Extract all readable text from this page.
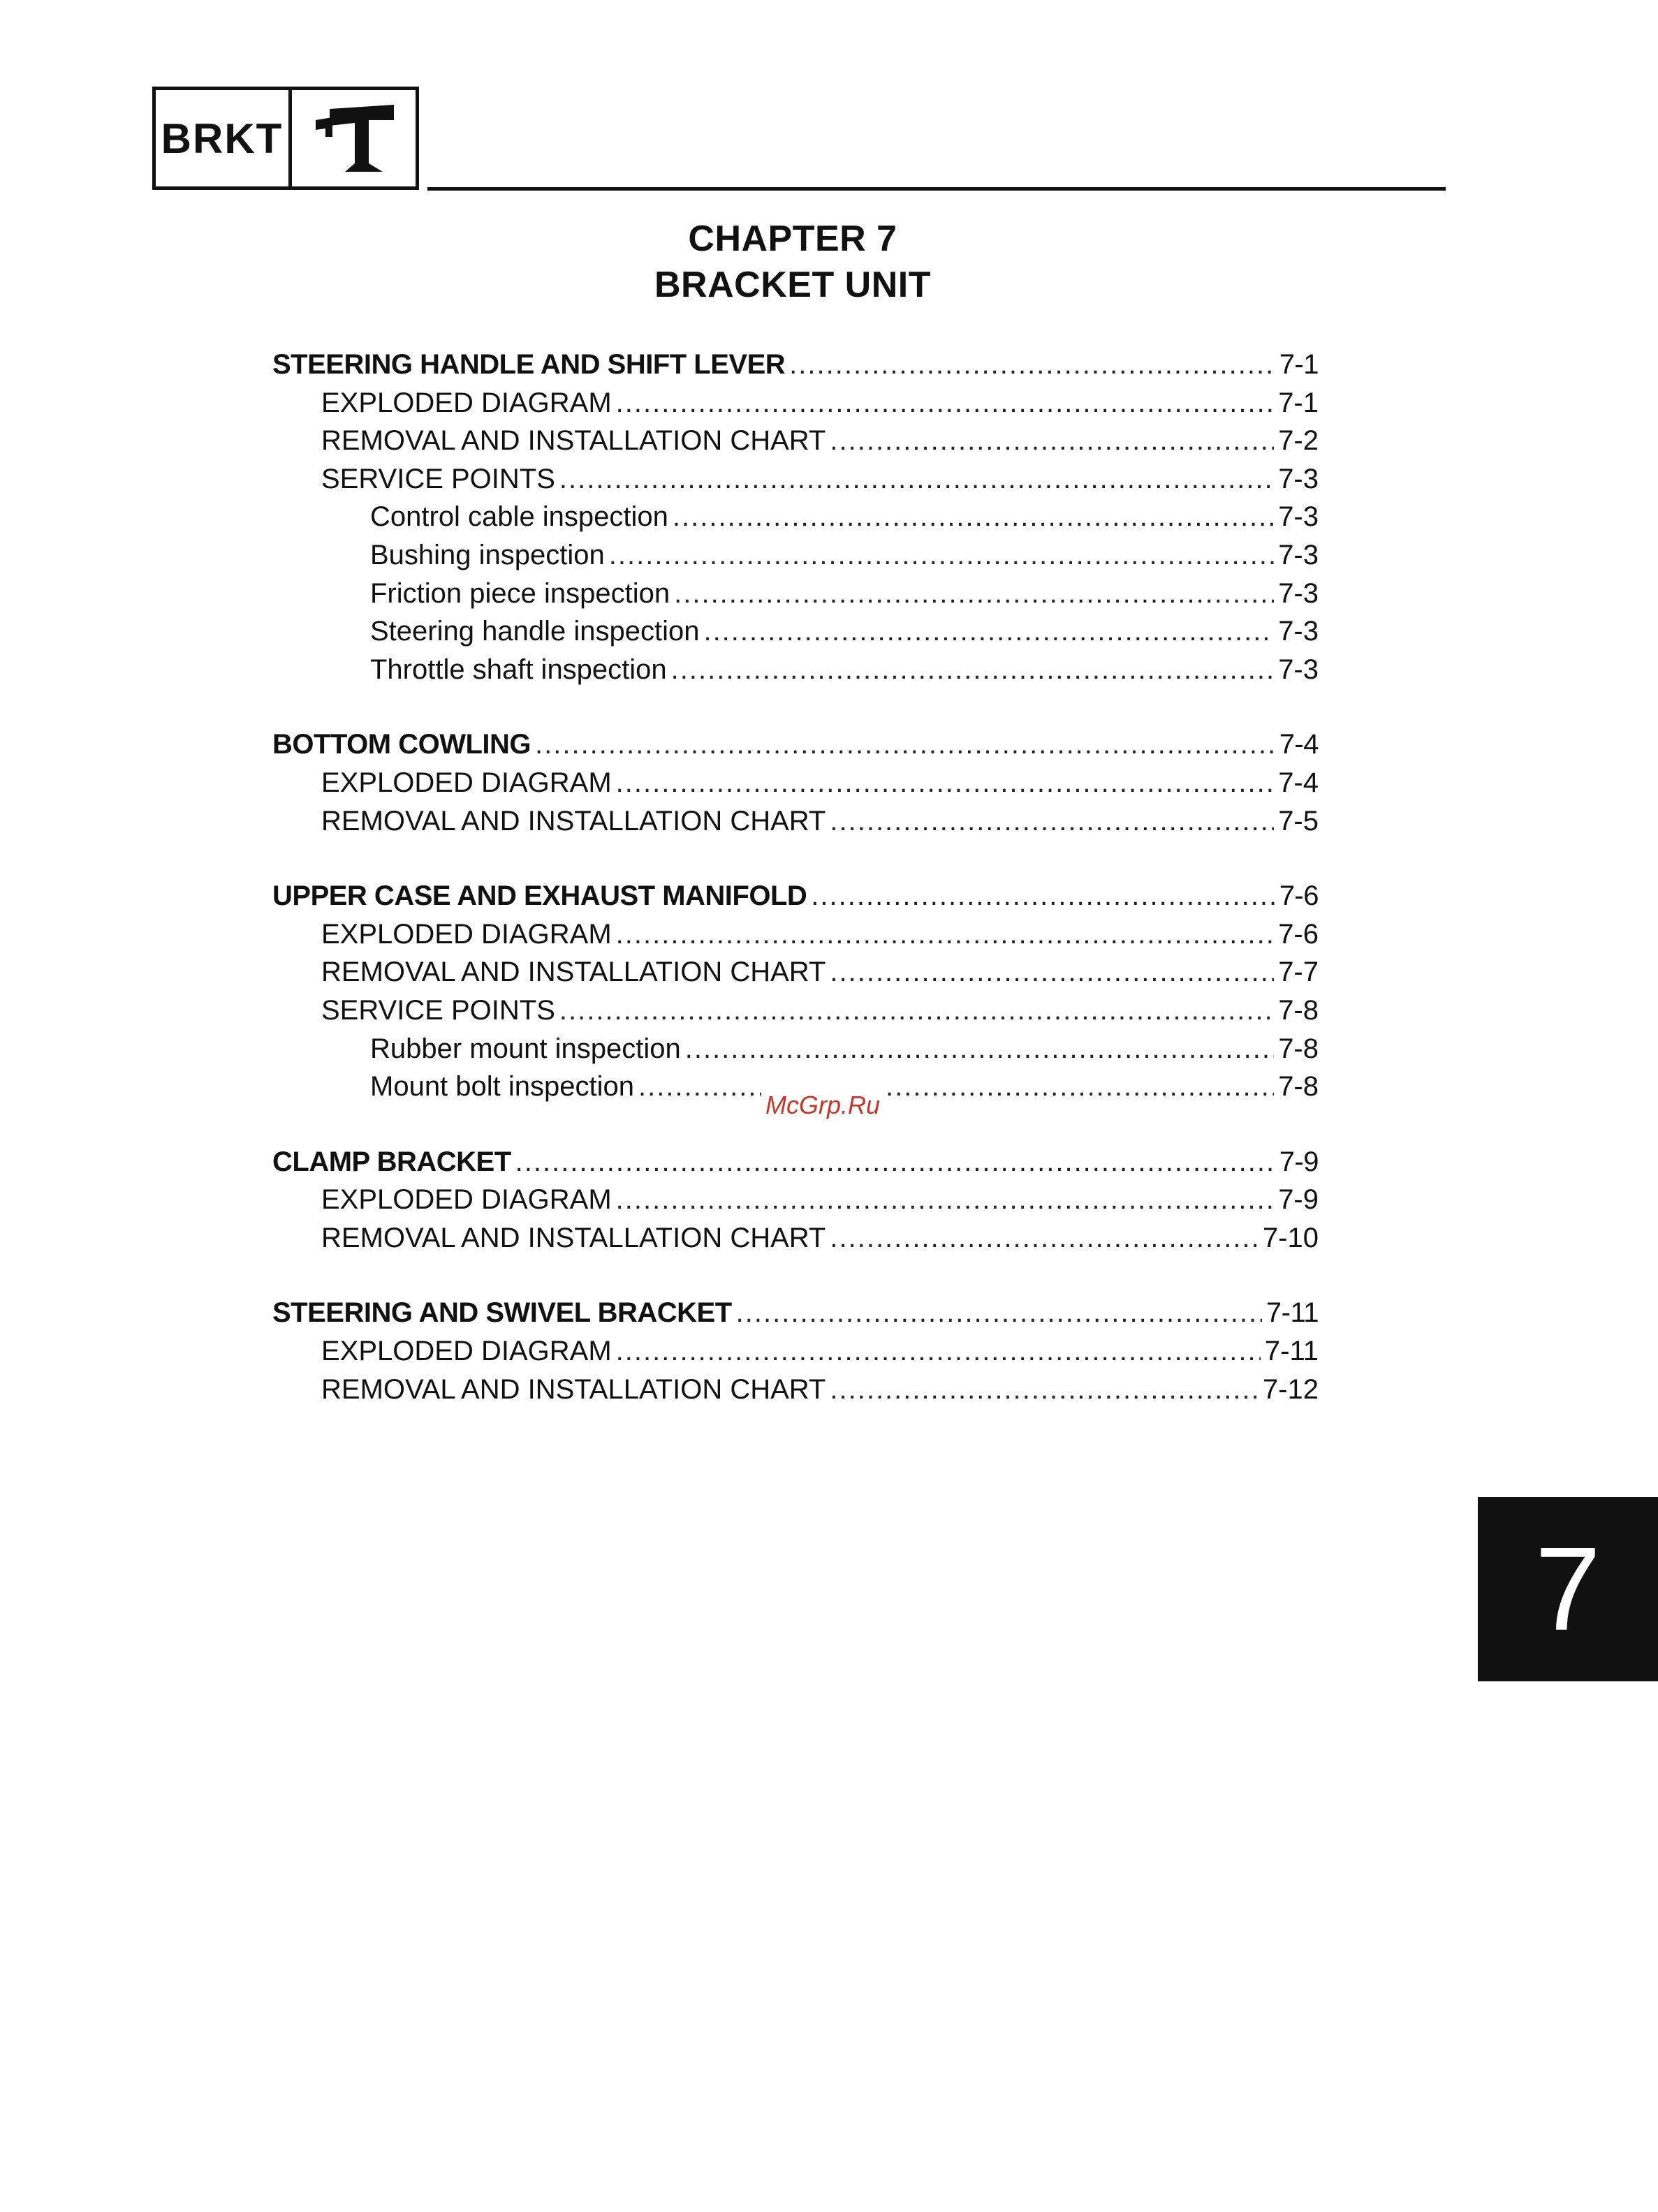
BRKT
CHAPTER 7
BRACKET UNIT
STEERING HANDLE AND SHIFT LEVER .....	7-1
EXPLODED DIAGRAM .....	7-1
REMOVAL AND INSTALLATION CHART .....	7-2
SERVICE POINTS .....	7-3
Control cable inspection .....	7-3
Bushing inspection .....	7-3
Friction piece inspection .....	7-3
Steering handle inspection .....	7-3
Throttle shaft inspection .....	7-3
BOTTOM COWLING .....	7-4
EXPLODED DIAGRAM .....	7-4
REMOVAL AND INSTALLATION CHART .....	7-5
UPPER CASE AND EXHAUST MANIFOLD .....	7-6
EXPLODED DIAGRAM .....	7-6
REMOVAL AND INSTALLATION CHART .....	7-7
SERVICE POINTS .....	7-8
Rubber mount inspection .....	7-8
Mount bolt inspection .....	7-8
CLAMP BRACKET .....	7-9
EXPLODED DIAGRAM .....	7-9
REMOVAL AND INSTALLATION CHART .....	7-10
STEERING AND SWIVEL BRACKET .....	7-11
EXPLODED DIAGRAM .....	7-11
REMOVAL AND INSTALLATION CHART .....	7-12
McGrp.Ru
7
